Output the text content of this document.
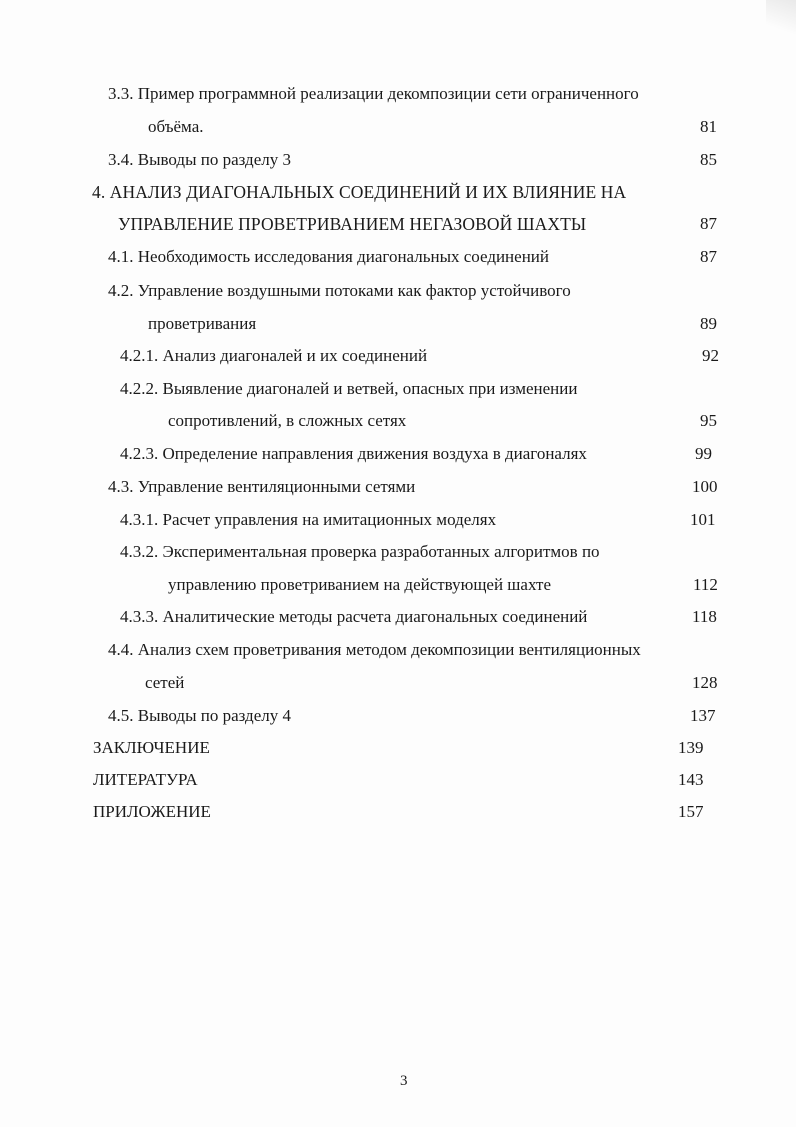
3.3. Пример программной реализации декомпозиции сети ограниченного
объёма.	81
3.4. Выводы по разделу 3	85
4. АНАЛИЗ ДИАГОНАЛЬНЫХ СОЕДИНЕНИЙ И ИХ ВЛИЯНИЕ НА
УПРАВЛЕНИЕ ПРОВЕТРИВАНИЕМ НЕГАЗОВОЙ ШАХТЫ	87
4.1. Необходимость исследования диагональных соединений	87
4.2. Управление воздушными потоками как фактор устойчивого
проветривания	89
4.2.1. Анализ диагоналей и их соединений	92
4.2.2. Выявление диагоналей и ветвей, опасных при изменении
сопротивлений, в сложных сетях	95
4.2.3. Определение направления движения воздуха в диагоналях	99
4.3. Управление вентиляционными сетями	100
4.3.1. Расчет управления на имитационных моделях	101
4.3.2. Экспериментальная проверка разработанных алгоритмов по
управлению проветриванием на действующей шахте	112
4.3.3. Аналитические методы расчета диагональных соединений	118
4.4. Анализ схем проветривания методом декомпозиции вентиляционных
сетей	128
4.5. Выводы по разделу 4	137
ЗАКЛЮЧЕНИЕ	139
ЛИТЕРАТУРА	143
ПРИЛОЖЕНИЕ	157
3
